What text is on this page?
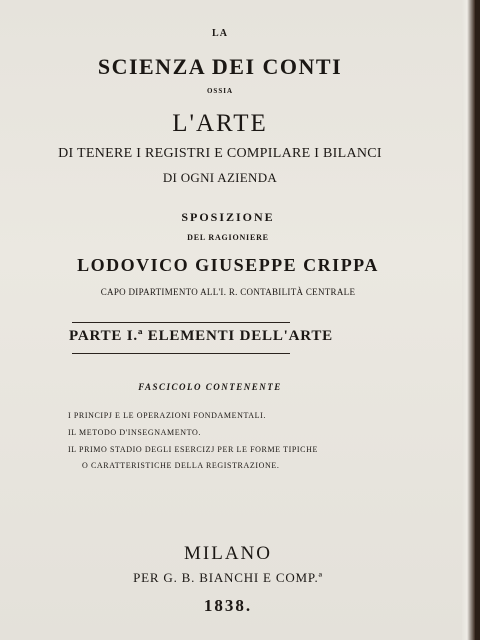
LA
SCIENZA DEI CONTI
OSSIA
L'ARTE
DI TENERE I REGISTRI E COMPILARE I BILANCI
DI OGNI AZIENDA
SPOSIZIONE
DEL RAGIONIERE
LODOVICO GIUSEPPE CRIPPA
CAPO DIPARTIMENTO ALL'I. R. CONTABILITÀ CENTRALE
PARTE I.ª ELEMENTI DELL'ARTE
FASCICOLO CONTENENTE
I PRINCIPJ E LE OPERAZIONI FONDAMENTALI.
IL METODO D'INSEGNAMENTO.
IL PRIMO STADIO DEGLI ESERCIZJ PER LE FORME TIPICHE
O CARATTERISTICHE DELLA REGISTRAZIONE.
MILANO
PER G. B. BIANCHI E COMP.ª
1838.
